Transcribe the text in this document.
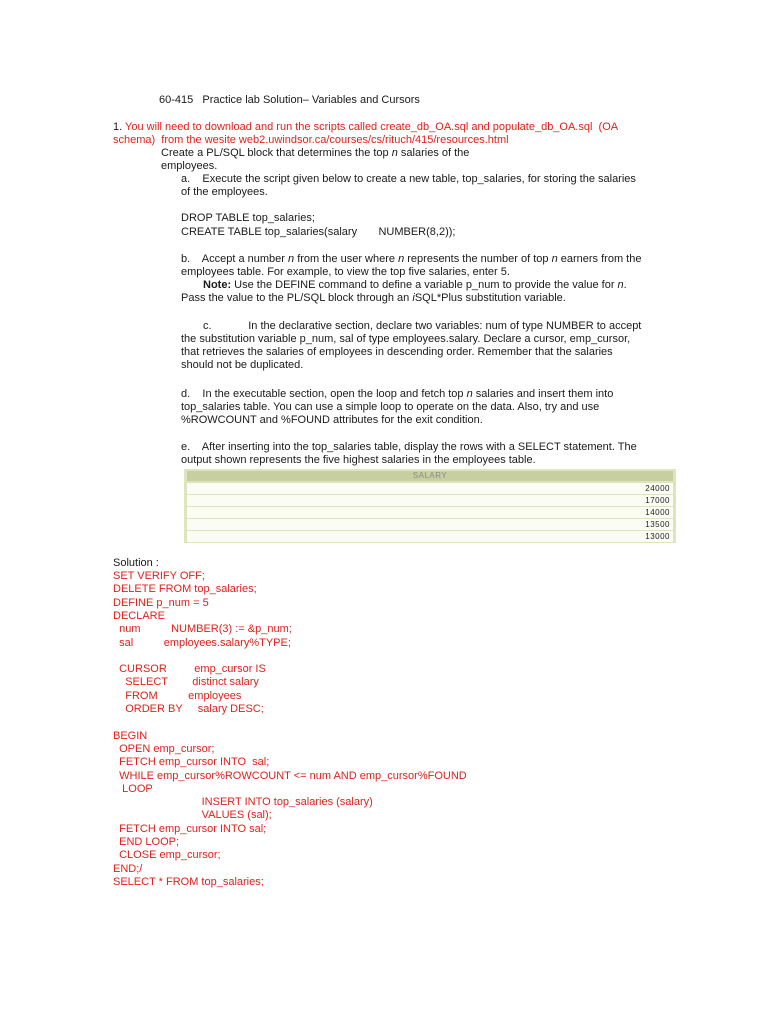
60-415   Practice lab Solution– Variables and Cursors
1. You will need to download and run the scripts called create_db_OA.sql and populate_db_OA.sql  (OA
schema)  from the wesite web2.uwindsor.ca/courses/cs/rituch/415/resources.html
Create a PL/SQL block that determines the top n salaries of the
employees.
a.    Execute the script given below to create a new table, top_salaries, for storing the salaries
of the employees.
DROP TABLE top_salaries;
CREATE TABLE top_salaries(salary       NUMBER(8,2));
b.    Accept a number n from the user where n represents the number of top n earners from the
employees table. For example, to view the top five salaries, enter 5.
Note: Use the DEFINE command to define a variable p_num to provide the value for n.
Pass the value to the PL/SQL block through an iSQL*Plus substitution variable.
c.            In the declarative section, declare two variables: num of type NUMBER to accept
the substitution variable p_num, sal of type employees.salary. Declare a cursor, emp_cursor,
that retrieves the salaries of employees in descending order. Remember that the salaries
should not be duplicated.
d.    In the executable section, open the loop and fetch top n salaries and insert them into
top_salaries table. You can use a simple loop to operate on the data. Also, try and use
%ROWCOUNT and %FOUND attributes for the exit condition.
e.    After inserting into the top_salaries table, display the rows with a SELECT statement. The
output shown represents the five highest salaries in the employees table.
SALARY
24000
17000
14000
13500
13000
Solution :
SET VERIFY OFF;
DELETE FROM top_salaries;
DEFINE p_num = 5
DECLARE
num          NUMBER(3) := &p_num;
sal          employees.salary%TYPE;
CURSOR         emp_cursor IS
SELECT        distinct salary
FROM          employees
ORDER BY     salary DESC;
BEGIN
OPEN emp_cursor;
FETCH emp_cursor INTO  sal;
WHILE emp_cursor%ROWCOUNT <= num AND emp_cursor%FOUND
LOOP
INSERT INTO top_salaries (salary)
VALUES (sal);
FETCH emp_cursor INTO sal;
END LOOP;
CLOSE emp_cursor;
END;/
SELECT * FROM top_salaries;
